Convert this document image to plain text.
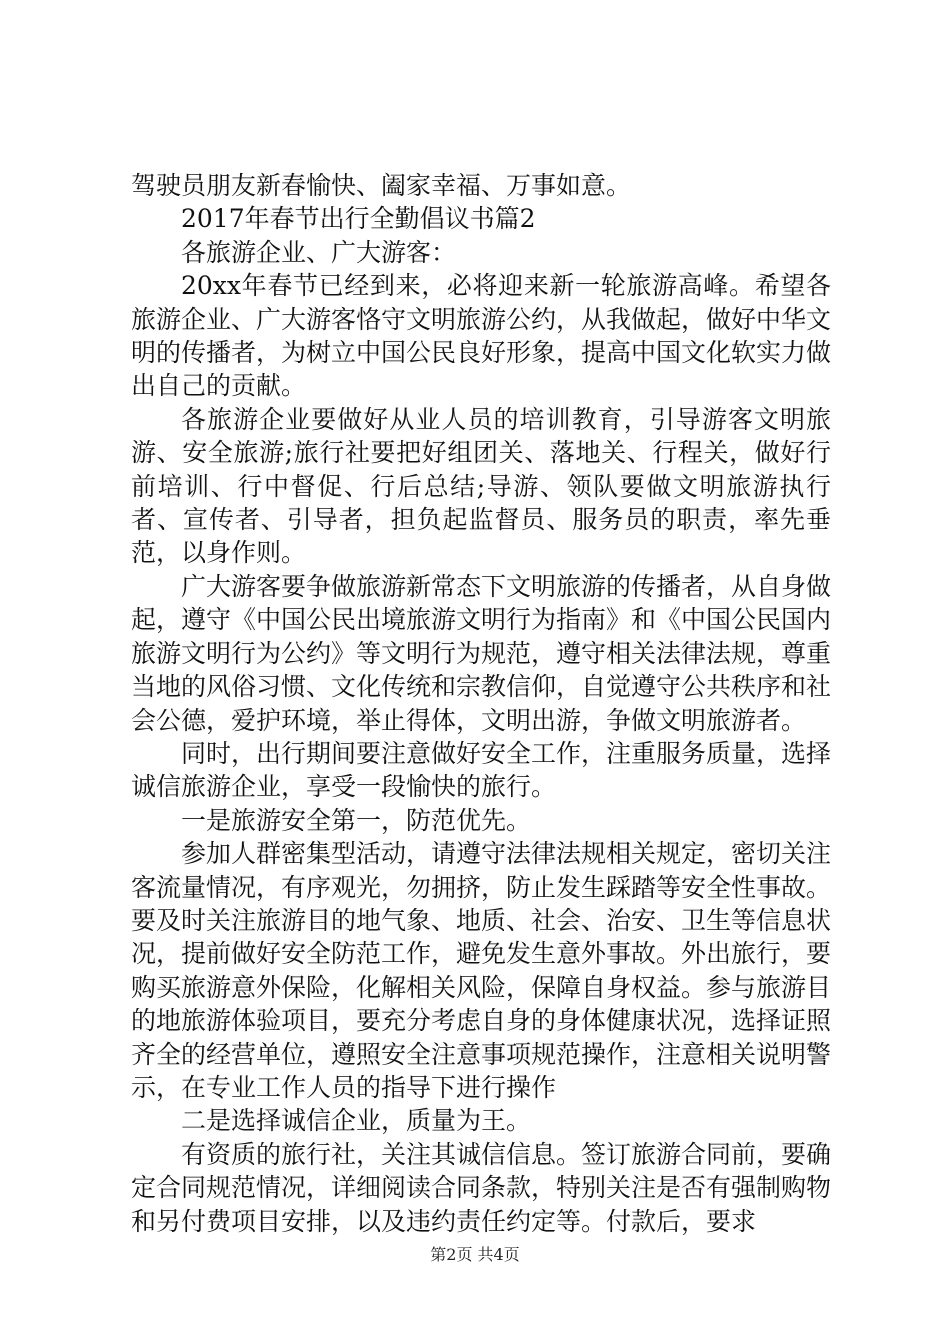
驾驶员朋友新春愉快、阖家幸福、万事如意。

2017年春节出行全勤倡议书篇2

各旅游企业、广大游客：

20xx年春节已经到来，必将迎来新一轮旅游高峰。希望各旅游企业、广大游客恪守文明旅游公约，从我做起，做好中华文明的传播者，为树立中国公民良好形象，提高中国文化软实力做出自己的贡献。

各旅游企业要做好从业人员的培训教育，引导游客文明旅游、安全旅游;旅行社要把好组团关、落地关、行程关，做好行前培训、行中督促、行后总结;导游、领队要做文明旅游执行者、宣传者、引导者，担负起监督员、服务员的职责，率先垂范，以身作则。

广大游客要争做旅游新常态下文明旅游的传播者，从自身做起，遵守《中国公民出境旅游文明行为指南》和《中国公民国内旅游文明行为公约》等文明行为规范，遵守相关法律法规，尊重当地的风俗习惯、文化传统和宗教信仰，自觉遵守公共秩序和社会公德，爱护环境，举止得体，文明出游，争做文明旅游者。

同时，出行期间要注意做好安全工作，注重服务质量，选择诚信旅游企业，享受一段愉快的旅行。

一是旅游安全第一，防范优先。

参加人群密集型活动，请遵守法律法规相关规定，密切关注客流量情况，有序观光，勿拥挤，防止发生踩踏等安全性事故。要及时关注旅游目的地气象、地质、社会、治安、卫生等信息状况，提前做好安全防范工作，避免发生意外事故。外出旅行，要购买旅游意外保险，化解相关风险，保障自身权益。参与旅游目的地旅游体验项目，要充分考虑自身的身体健康状况，选择证照齐全的经营单位，遵照安全注意事项规范操作，注意相关说明警示，在专业工作人员的指导下进行操作

二是选择诚信企业，质量为王。

有资质的旅行社，关注其诚信信息。签订旅游合同前，要确定合同规范情况，详细阅读合同条款，特别关注是否有强制购物和另付费项目安排，以及违约责任约定等。付款后，要求

第2页 共4页
